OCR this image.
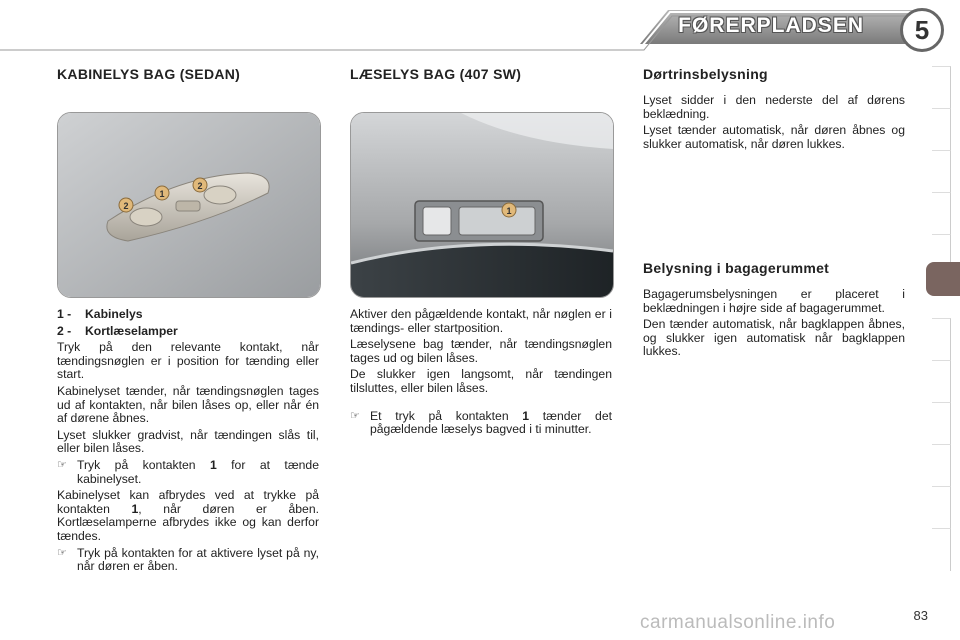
FØRERPLADSEN	5
KABINELYS BAG (SEDAN)
2
1
2
1 - Kabinelys
2 - Kortlæselamper

Tryk på den relevante kontakt, når tændingsnøglen er i position for tænding eller start.

Kabinelyset tænder, når tændingsnøglen tages ud af kontakten, når bilen låses op, eller når én af dørene åbnes.

Lyset slukker gradvist, når tændingen slås til, eller bilen låses.

☞ Tryk på kontakten 1 for at tænde kabinelyset.

Kabinelyset kan afbrydes ved at trykke på kontakten 1, når døren er åben. Kortlæselamperne afbrydes ikke og kan derfor tændes.

☞ Tryk på kontakten for at aktivere lyset på ny, når døren er åben.
LÆSELYS BAG (407 SW)
1

Aktiver den pågældende kontakt, når nøglen er i tændings- eller startposition.

Læselysene bag tænder, når tændingsnøglen tages ud og bilen låses.

De slukker igen langsomt, når tændingen tilsluttes, eller bilen låses.

☞ Et tryk på kontakten 1 tænder det pågældende læselys bagved i ti minutter.
Dørtrinsbelysning

Lyset sidder i den nederste del af dørens beklædning.

Lyset tænder automatisk, når døren åbnes og slukker automatisk, når døren lukkes.

Belysning i bagagerummet

Bagagerumsbelysningen er placeret i beklædningen i højre side af bagagerummet.

Den tænder automatisk, når bagklappen åbnes, og slukker igen automatisk når bagklappen lukkes.

carmanualsonline.info	83
